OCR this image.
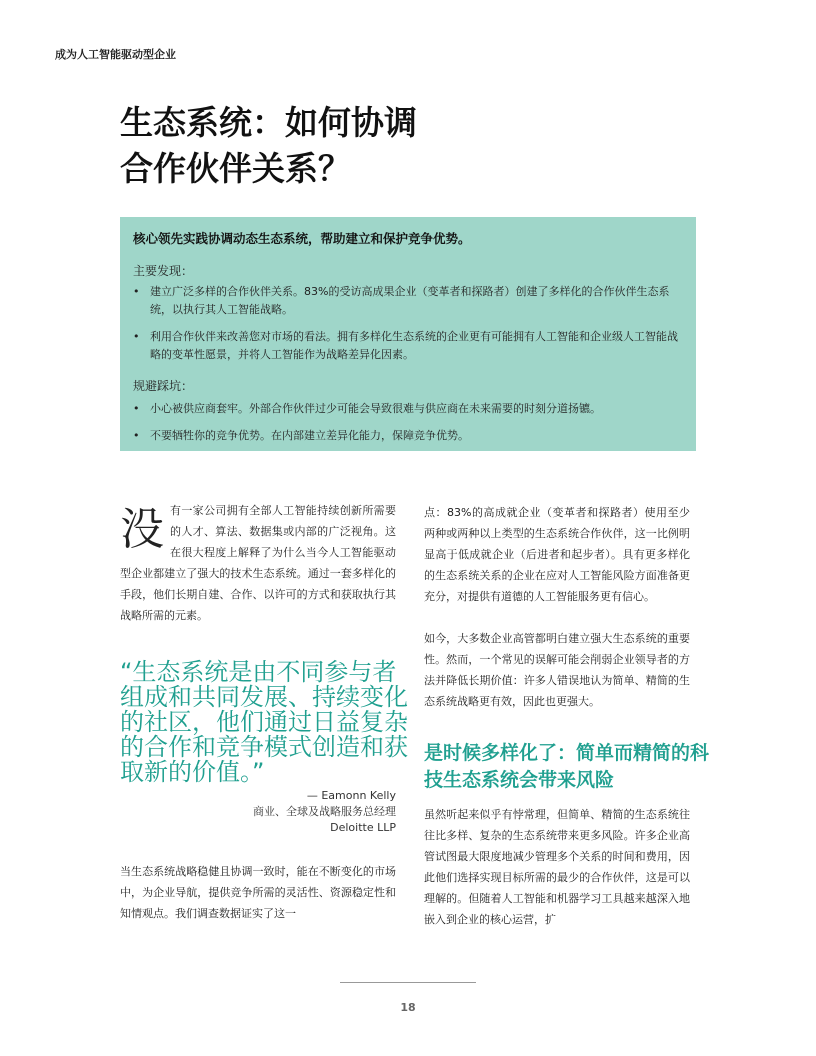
成为人工智能驱动型企业
生态系统：如何协调
合作伙伴关系？
核心领先实践协调动态生态系统，帮助建立和保护竞争优势。
主要发现：
• 建立广泛多样的合作伙伴关系。83%的受访高成果企业（变革者和探路者）创建了多样化的合作伙伴生态系统，以执行其人工智能战略。
• 利用合作伙伴来改善您对市场的看法。拥有多样化生态系统的企业更有可能拥有人工智能和企业级人工智能战略的变革性愿景，并将人工智能作为战略差异化因素。
规避踩坑：
• 小心被供应商套牢。外部合作伙伴过少可能会导致很难与供应商在未来需要的时刻分道扬镳。
• 不要牺牲你的竞争优势。在内部建立差异化能力，保障竞争优势。
没 有一家公司拥有全部人工智能持续创新所需要的人才、算法、数据集或内部的广泛视角。这在很大程度上解释了为什么当今人工智能驱动型企业都建立了强大的技术生态系统。通过一套多样化的手段，他们长期自建、合作、以许可的方式和获取执行其战略所需的元素。

“生态系统是由不同参与者组成和共同发展、持续变化的社区，他们通过日益复杂的合作和竞争模式创造和获取新的价值。”
— Eamonn Kelly
商业、全球及战略服务总经理
Deloitte LLP

当生态系统战略稳健且协调一致时，能在不断变化的市场中，为企业导航，提供竞争所需的灵活性、资源稳定性和知情观点。我们调查数据证实了这一

点：83%的高成就企业（变革者和探路者）使用至少两种或两种以上类型的生态系统合作伙伴，这一比例明显高于低成就企业（后进者和起步者）。具有更多样化的生态系统关系的企业在应对人工智能风险方面准备更充分，对提供有道德的人工智能服务更有信心。

如今，大多数企业高管都明白建立强大生态系统的重要性。然而，一个常见的误解可能会削弱企业领导者的方法并降低长期价值：许多人错误地认为简单、精简的生态系统战略更有效，因此也更强大。

是时候多样化了：简单而精简的科技生态系统会带来风险

虽然听起来似乎有悖常理，但简单、精简的生态系统往往比多样、复杂的生态系统带来更多风险。许多企业高管试图最大限度地减少管理多个关系的时间和费用，因此他们选择实现目标所需的最少的合作伙伴，这是可以理解的。但随着人工智能和机器学习工具越来越深入地嵌入到企业的核心运营，扩

18
